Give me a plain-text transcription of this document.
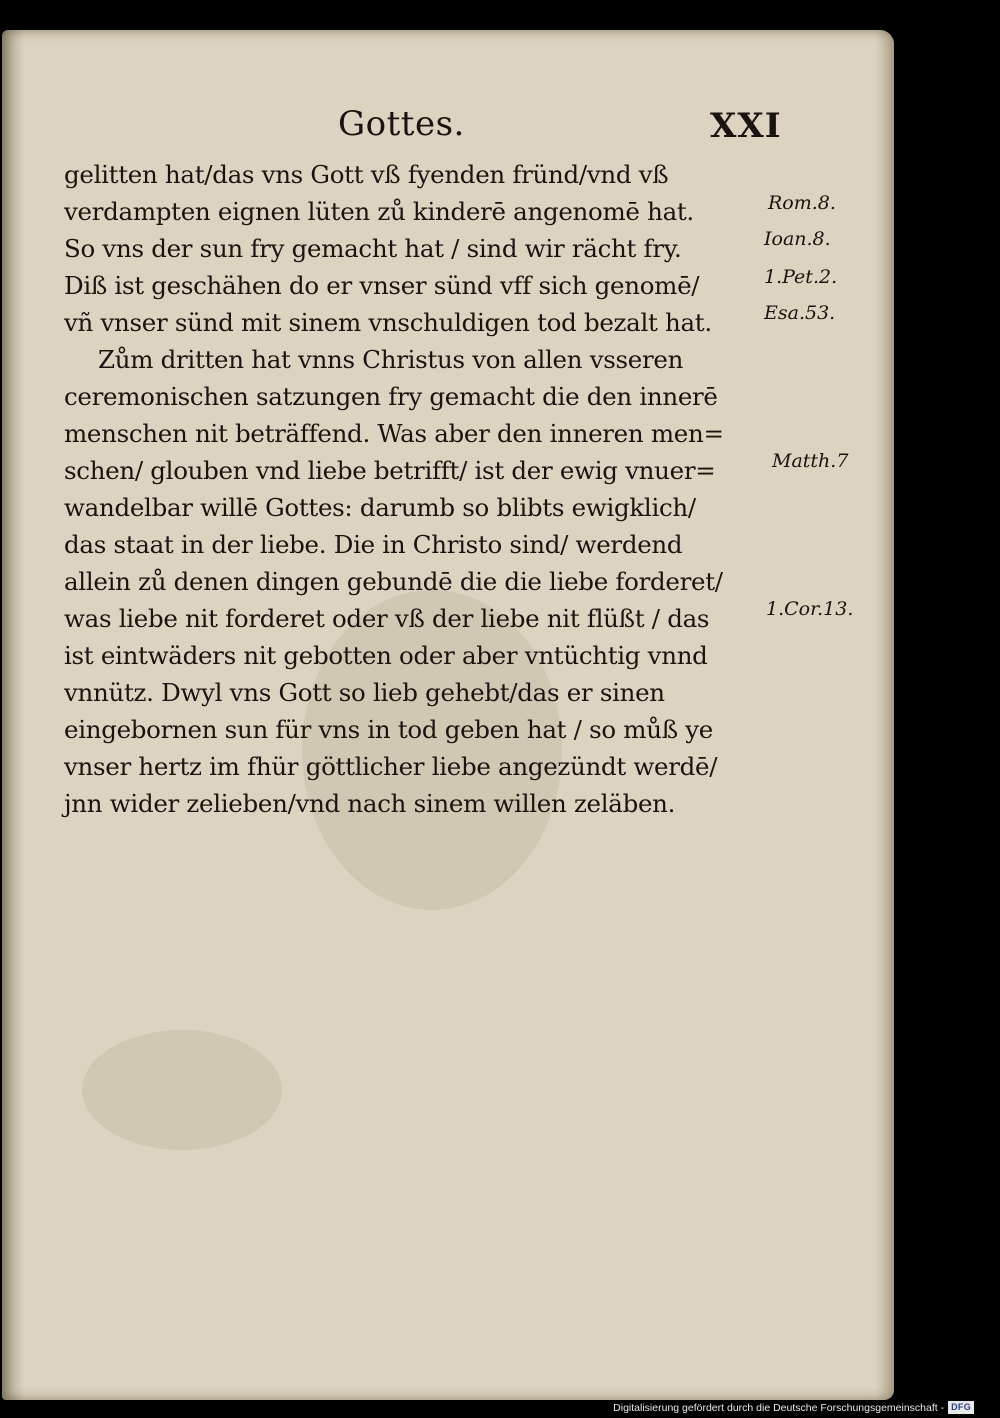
Gottes.	XXI
gelitten hat/das vns Gott vß fyenden fründ/vnd vß
verdampten eignen lüten zů kinderē angenomē hat.
So vns der sun fry gemacht hat / sind wir rächt fry.
Diß ist geschähen do er vnser sünd vff sich genomē/
vñ vnser sünd mit sinem vnschuldigen tod bezalt hat.
Zům dritten hat vnns Christus von allen vsseren
ceremonischen satzungen fry gemacht die den innerē
menschen nit beträffend. Was aber den inneren men=
schen/ glouben vnd liebe betrifft/ ist der ewig vnuer=
wandelbar willē Gottes: darumb so blibts ewigklich/
das staat in der liebe. Die in Christo sind/ werdend
allein zů denen dingen gebundē die die liebe forderet/
was liebe nit forderet oder vß der liebe nit flüßt / das
ist eintwäders nit gebotten oder aber vntüchtig vnnd
vnnütz. Dwyl vns Gott so lieb gehebt/das er sinen
eingebornen sun für vns in tod geben hat / so můß ye
vnser hertz im fhür göttlicher liebe angezündt werdē/
jnn wider zelieben/vnd nach sinem willen zeläben.
Rom.8.
Ioan.8.
1.Pet.2.
Esa.53.
Matth.7
1.Cor.13.
Digitalisierung gefördert durch die Deutsche Forschungsgemeinschaft - DFG
